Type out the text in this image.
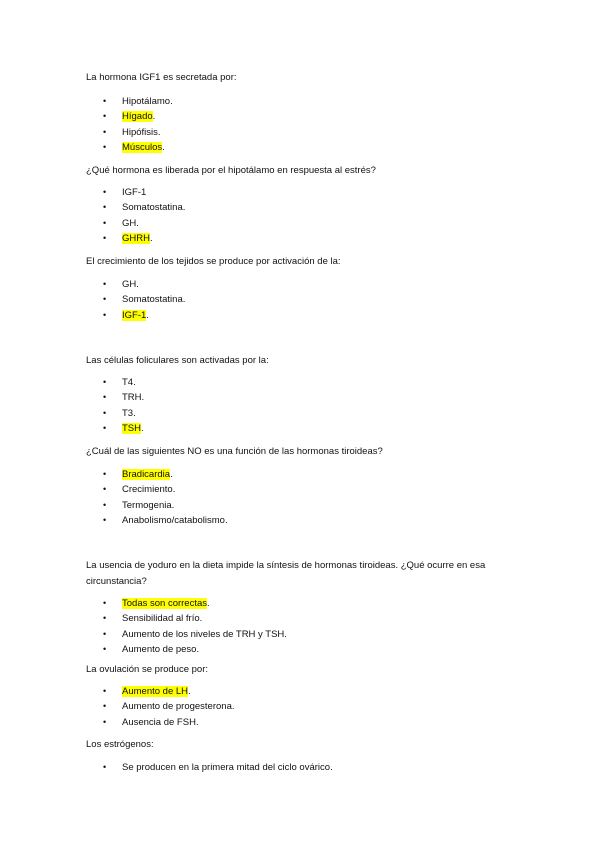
La hormona IGF1 es secretada por:

• Hipotálamo.
• Hígado.
• Hipófisis.
• Músculos.

¿Qué hormona es liberada por el hipotálamo en respuesta al estrés?

• IGF-1
• Somatostatina.
• GH.
• GHRH.

El crecimiento de los tejidos se produce por activación de la:

• GH.
• Somatostatina.
• IGF-1.

Las células foliculares son activadas por la:

• T4.
• TRH.
• T3.
• TSH.

¿Cuál de las siguientes NO es una función de las hormonas tiroideas?

• Bradicardia.
• Crecimiento.
• Termogenia.
• Anabolismo/catabolismo.

La usencia de yoduro en la dieta impide la síntesis de hormonas tiroideas. ¿Qué ocurre en esa circunstancia?

• Todas son correctas.
• Sensibilidad al frío.
• Aumento de los niveles de TRH y TSH.
• Aumento de peso.

La ovulación se produce por:

• Aumento de LH.
• Aumento de progesterona.
• Ausencia de FSH.

Los estrógenos:

• Se producen en la primera mitad del ciclo ovárico.
